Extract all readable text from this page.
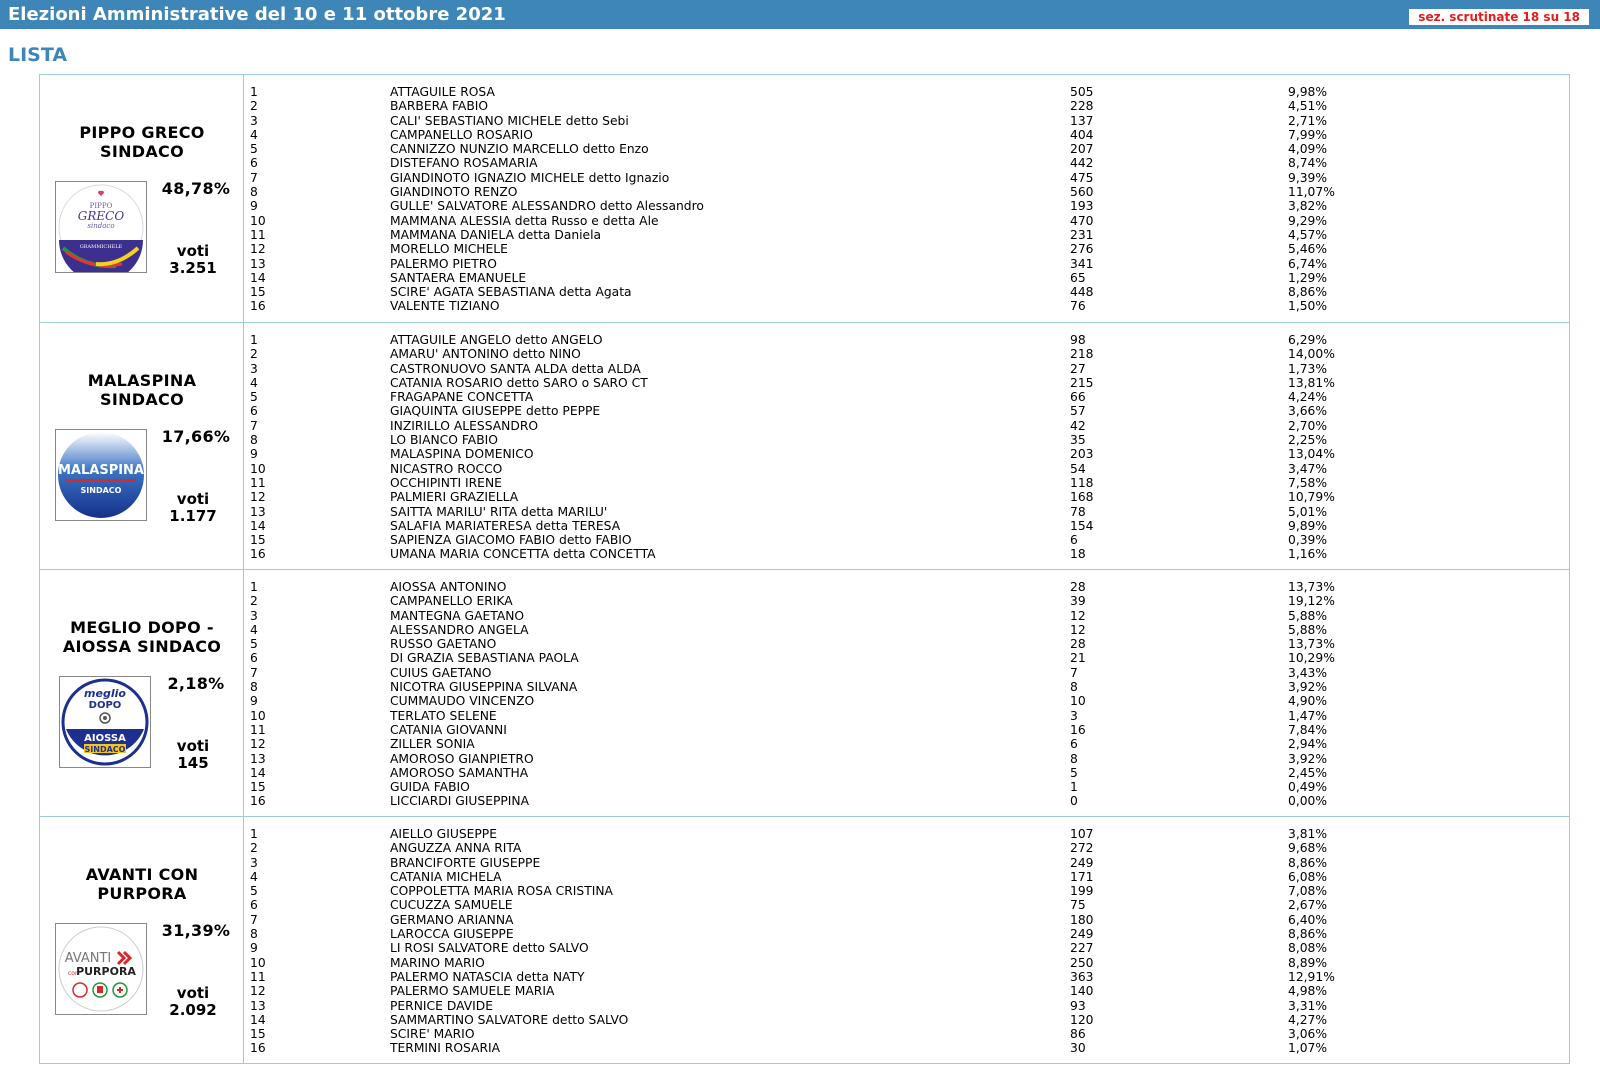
Elezioni Amministrative del 10 e 11 ottobre 2021	sez. scrutinate 18 su 18
LISTA
PIPPO GRECO
SINDACO
PIPPO
GRECO
sindaco
GRAMMICHELE
48,78%
voti
3.251
1	ATTAGUILE ROSA	505	9,98%
2	BARBERA FABIO	228	4,51%
3	CALI' SEBASTIANO MICHELE detto Sebi	137	2,71%
4	CAMPANELLO ROSARIO	404	7,99%
5	CANNIZZO NUNZIO MARCELLO detto Enzo	207	4,09%
6	DISTEFANO ROSAMARIA	442	8,74%
7	GIANDINOTO IGNAZIO MICHELE detto Ignazio	475	9,39%
8	GIANDINOTO RENZO	560	11,07%
9	GULLE' SALVATORE ALESSANDRO detto Alessandro	193	3,82%
10	MAMMANA ALESSIA detta Russo e detta Ale	470	9,29%
11	MAMMANA DANIELA detta Daniela	231	4,57%
12	MORELLO MICHELE	276	5,46%
13	PALERMO PIETRO	341	6,74%
14	SANTAERA EMANUELE	65	1,29%
15	SCIRE' AGATA SEBASTIANA detta Agata	448	8,86%
16	VALENTE TIZIANO	76	1,50%
MALASPINA
SINDACO
MALASPINA
SINDACO
17,66%
voti
1.177
1	ATTAGUILE ANGELO detto ANGELO	98	6,29%
2	AMARU' ANTONINO detto NINO	218	14,00%
3	CASTRONUOVO SANTA ALDA detta ALDA	27	1,73%
4	CATANIA ROSARIO detto SARO o SARO CT	215	13,81%
5	FRAGAPANE CONCETTA	66	4,24%
6	GIAQUINTA GIUSEPPE detto PEPPE	57	3,66%
7	INZIRILLO ALESSANDRO	42	2,70%
8	LO BIANCO FABIO	35	2,25%
9	MALASPINA DOMENICO	203	13,04%
10	NICASTRO ROCCO	54	3,47%
11	OCCHIPINTI IRENE	118	7,58%
12	PALMIERI GRAZIELLA	168	10,79%
13	SAITTA MARILU' RITA detta MARILU'	78	5,01%
14	SALAFIA MARIATERESA detta TERESA	154	9,89%
15	SAPIENZA GIACOMO FABIO detto FABIO	6	0,39%
16	UMANA MARIA CONCETTA detta CONCETTA	18	1,16%
MEGLIO DOPO -
AIOSSA SINDACO
meglio
DOPO
AIOSSA
SINDACO
2,18%
voti
145
1	AIOSSA ANTONINO	28	13,73%
2	CAMPANELLO ERIKA	39	19,12%
3	MANTEGNA GAETANO	12	5,88%
4	ALESSANDRO ANGELA	12	5,88%
5	RUSSO GAETANO	28	13,73%
6	DI GRAZIA SEBASTIANA PAOLA	21	10,29%
7	CUIUS GAETANO	7	3,43%
8	NICOTRA GIUSEPPINA SILVANA	8	3,92%
9	CUMMAUDO VINCENZO	10	4,90%
10	TERLATO SELENE	3	1,47%
11	CATANIA GIOVANNI	16	7,84%
12	ZILLER SONIA	6	2,94%
13	AMOROSO GIANPIETRO	8	3,92%
14	AMOROSO SAMANTHA	5	2,45%
15	GUIDA FABIO	1	0,49%
16	LICCIARDI GIUSEPPINA	0	0,00%
AVANTI CON
PURPORA
AVANTI
con
PURPORA
31,39%
voti
2.092
1	AIELLO GIUSEPPE	107	3,81%
2	ANGUZZA ANNA RITA	272	9,68%
3	BRANCIFORTE GIUSEPPE	249	8,86%
4	CATANIA MICHELA	171	6,08%
5	COPPOLETTA MARIA ROSA CRISTINA	199	7,08%
6	CUCUZZA SAMUELE	75	2,67%
7	GERMANO ARIANNA	180	6,40%
8	LAROCCA GIUSEPPE	249	8,86%
9	LI ROSI SALVATORE detto SALVO	227	8,08%
10	MARINO MARIO	250	8,89%
11	PALERMO NATASCIA detta NATY	363	12,91%
12	PALERMO SAMUELE MARIA	140	4,98%
13	PERNICE DAVIDE	93	3,31%
14	SAMMARTINO SALVATORE detto SALVO	120	4,27%
15	SCIRE' MARIO	86	3,06%
16	TERMINI ROSARIA	30	1,07%
